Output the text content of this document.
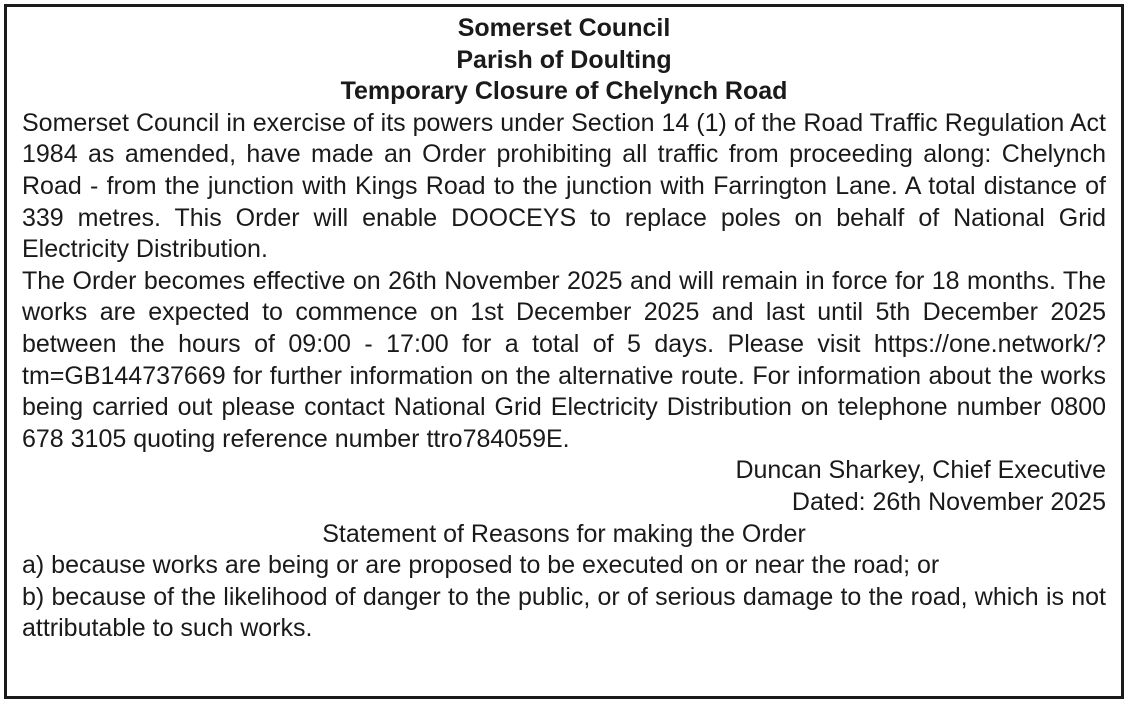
Somerset Council

Parish of Doulting

Temporary Closure of Chelynch Road

Somerset Council in exercise of its powers under Section 14 (1) of the Road Traffic Regulation Act 1984 as amended, have made an Order prohibiting all traffic from proceeding along: Chelynch Road - from the junction with Kings Road to the junction with Farrington Lane. A total distance of 339 metres. This Order will enable DOOCEYS to replace poles on behalf of National Grid Electricity Distribution.

The Order becomes effective on 26th November 2025 and will remain in force for 18 months. The works are expected to commence on 1st December 2025 and last until 5th December 2025 between the hours of 09:00 - 17:00 for a total of 5 days. Please visit https://one.network/?tm=GB144737669 for further information on the alternative route. For information about the works being carried out please contact National Grid Electricity Distribution on telephone number 0800 678 3105 quoting reference number ttro784059E.

Duncan Sharkey, Chief Executive

Dated: 26th November 2025

Statement of Reasons for making the Order

a) because works are being or are proposed to be executed on or near the road; or

b) because of the likelihood of danger to the public, or of serious damage to the road, which is not attributable to such works.
